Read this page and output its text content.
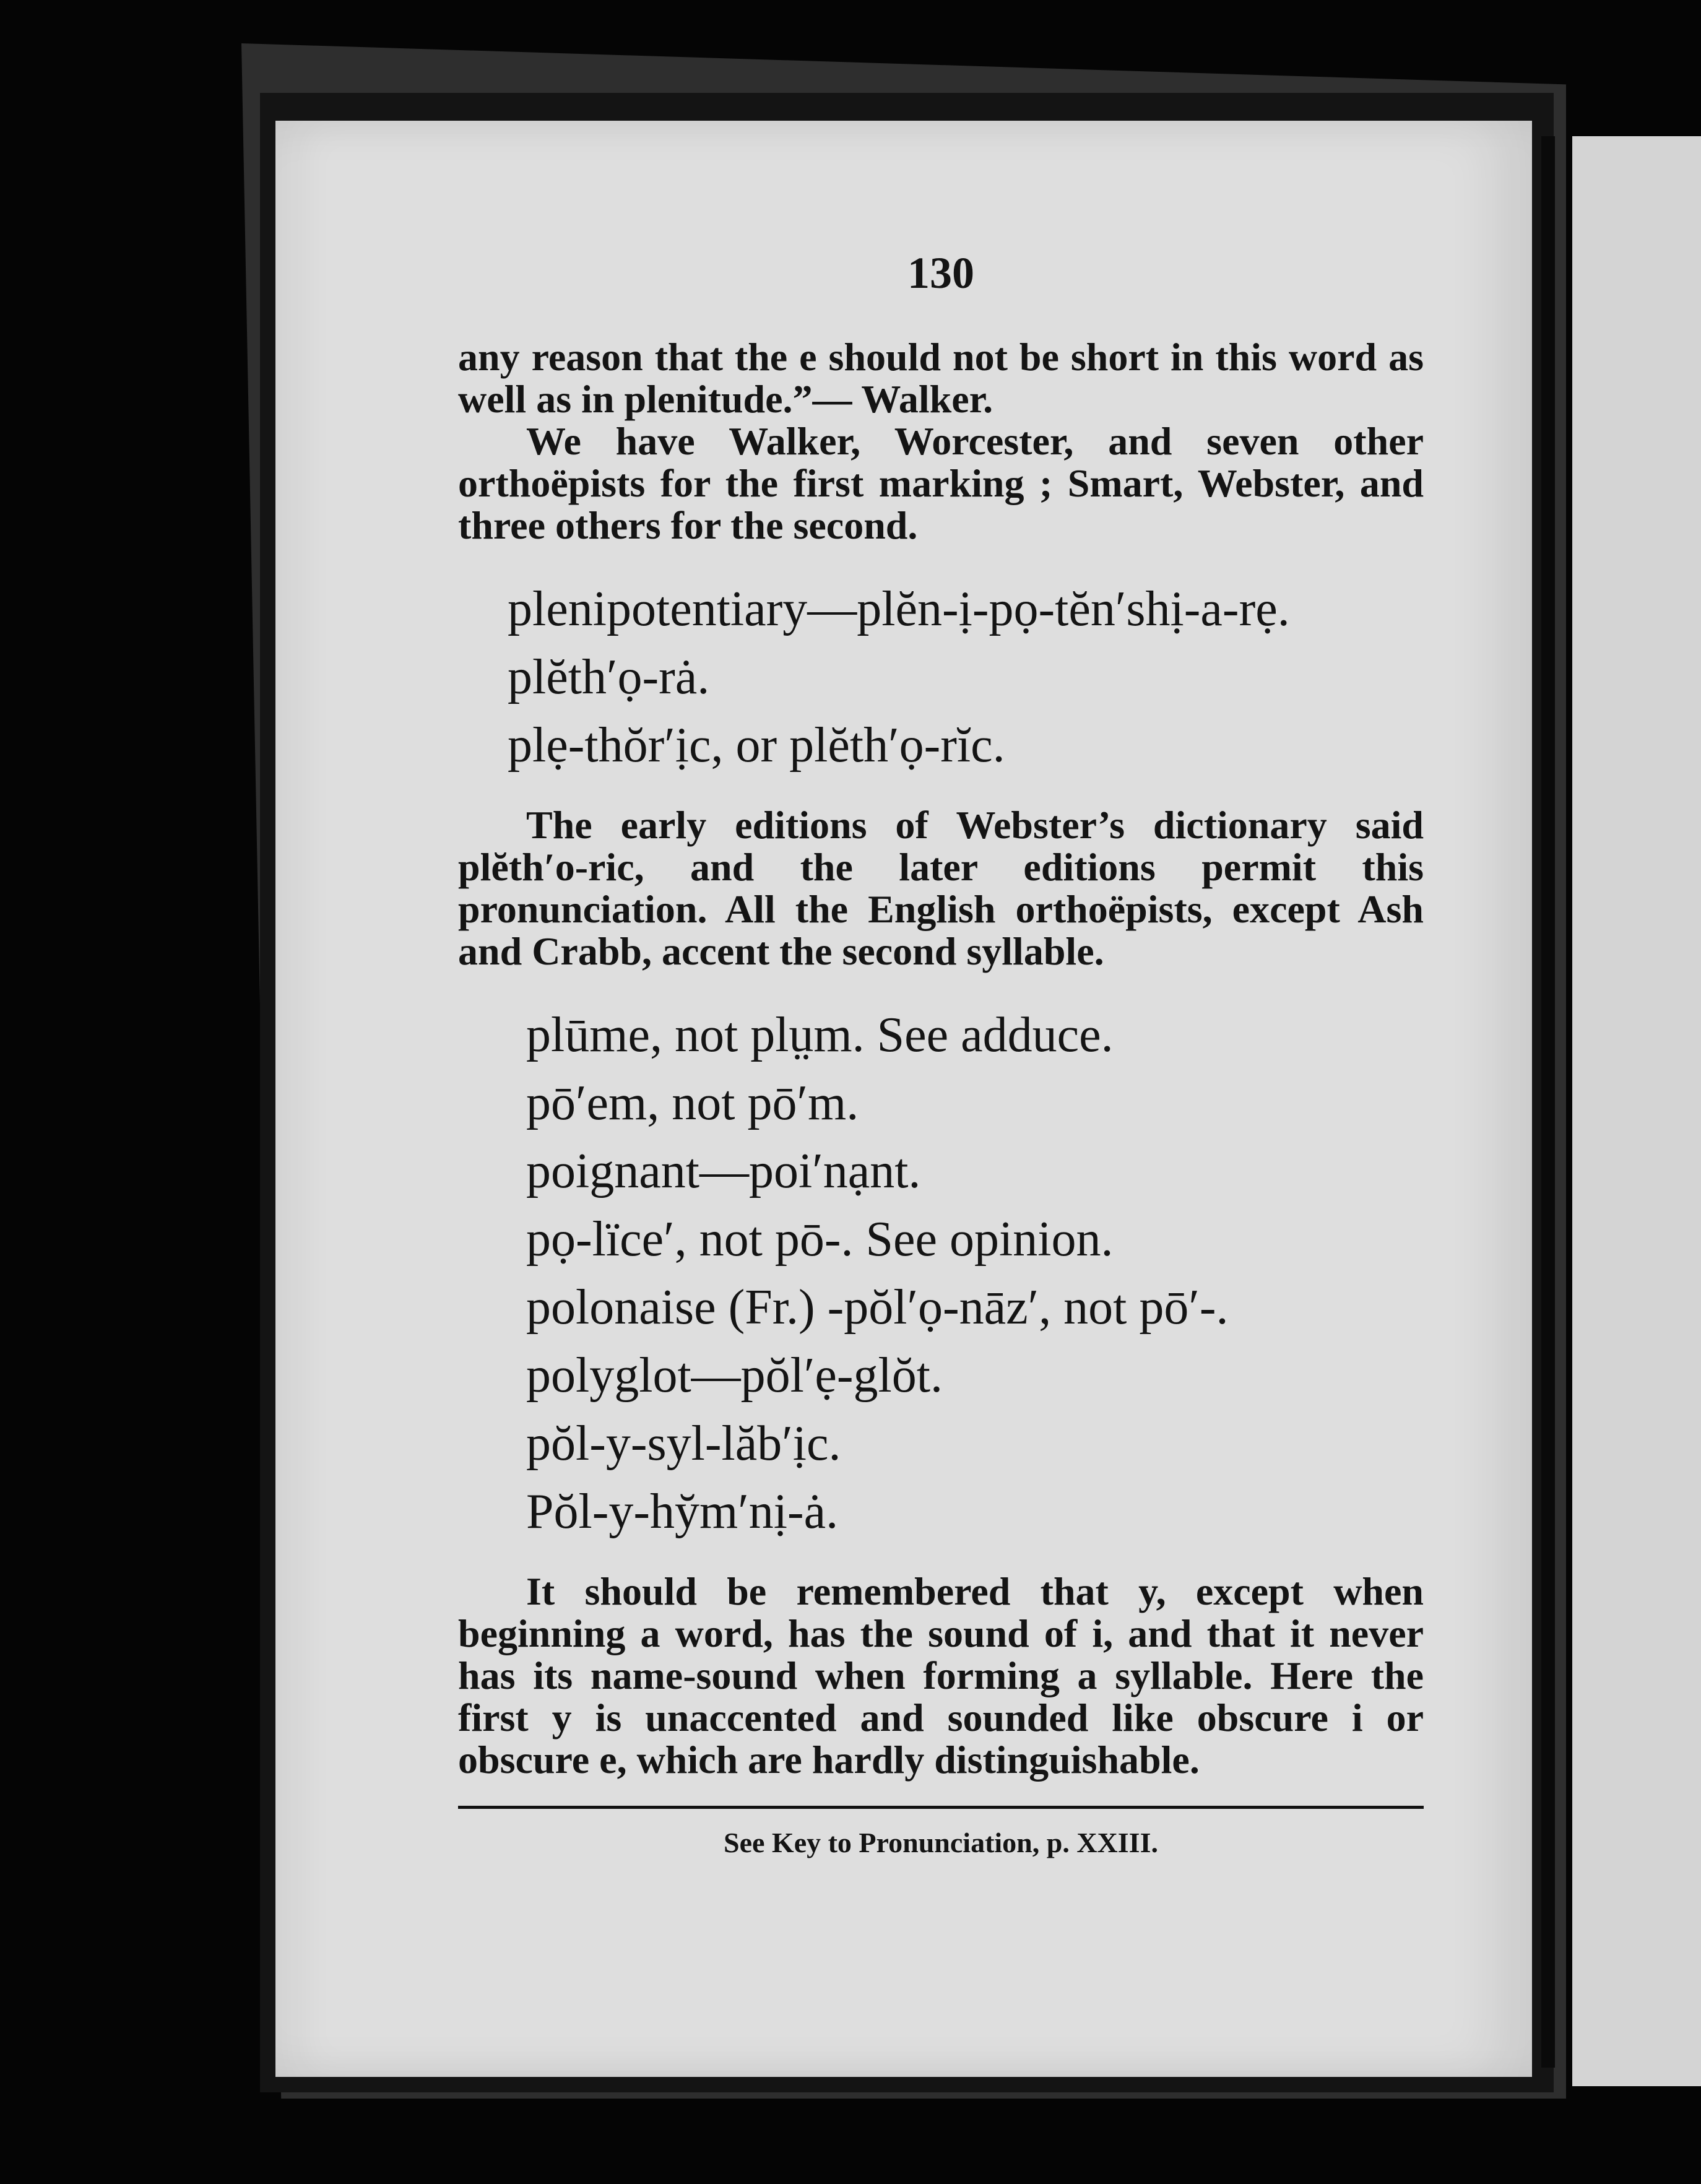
130

any reason that the e should not be short in this word as well as in plenitude.”— Walker.

We have Walker, Worcester, and seven other orthoëpists for the first marking ; Smart, Webster, and three others for the second.

plenipotentiary—plĕn-ị-pọ-tĕn′shị-a-rẹ.
plĕth′ọ-rȧ.
plẹ-thŏr′ịc, or plĕth′ọ-rĭc.

The early editions of Webster’s dictionary said plĕth′o-ric, and the later editions permit this pronunciation. All the English orthoëpists, except Ash and Crabb, accent the second syllable.

plūme, not plṳm. See adduce.
pō′em, not pō′m.
poignant—poi′nạnt.
pọ-lïce′, not pō-. See opinion.
polonaise (Fr.) -pŏl′ọ-nāz′, not pō′-.
polyglot—pŏl′ẹ-glŏt.
pŏl-y-syl-lăb′ịc.
Pŏl-y-hy̆m′nị-ȧ.

It should be remembered that y, except when beginning a word, has the sound of i, and that it never has its name-sound when forming a syllable. Here the first y is unaccented and sounded like obscure i or obscure e, which are hardly distinguishable.

See Key to Pronunciation, p. XXIII.
